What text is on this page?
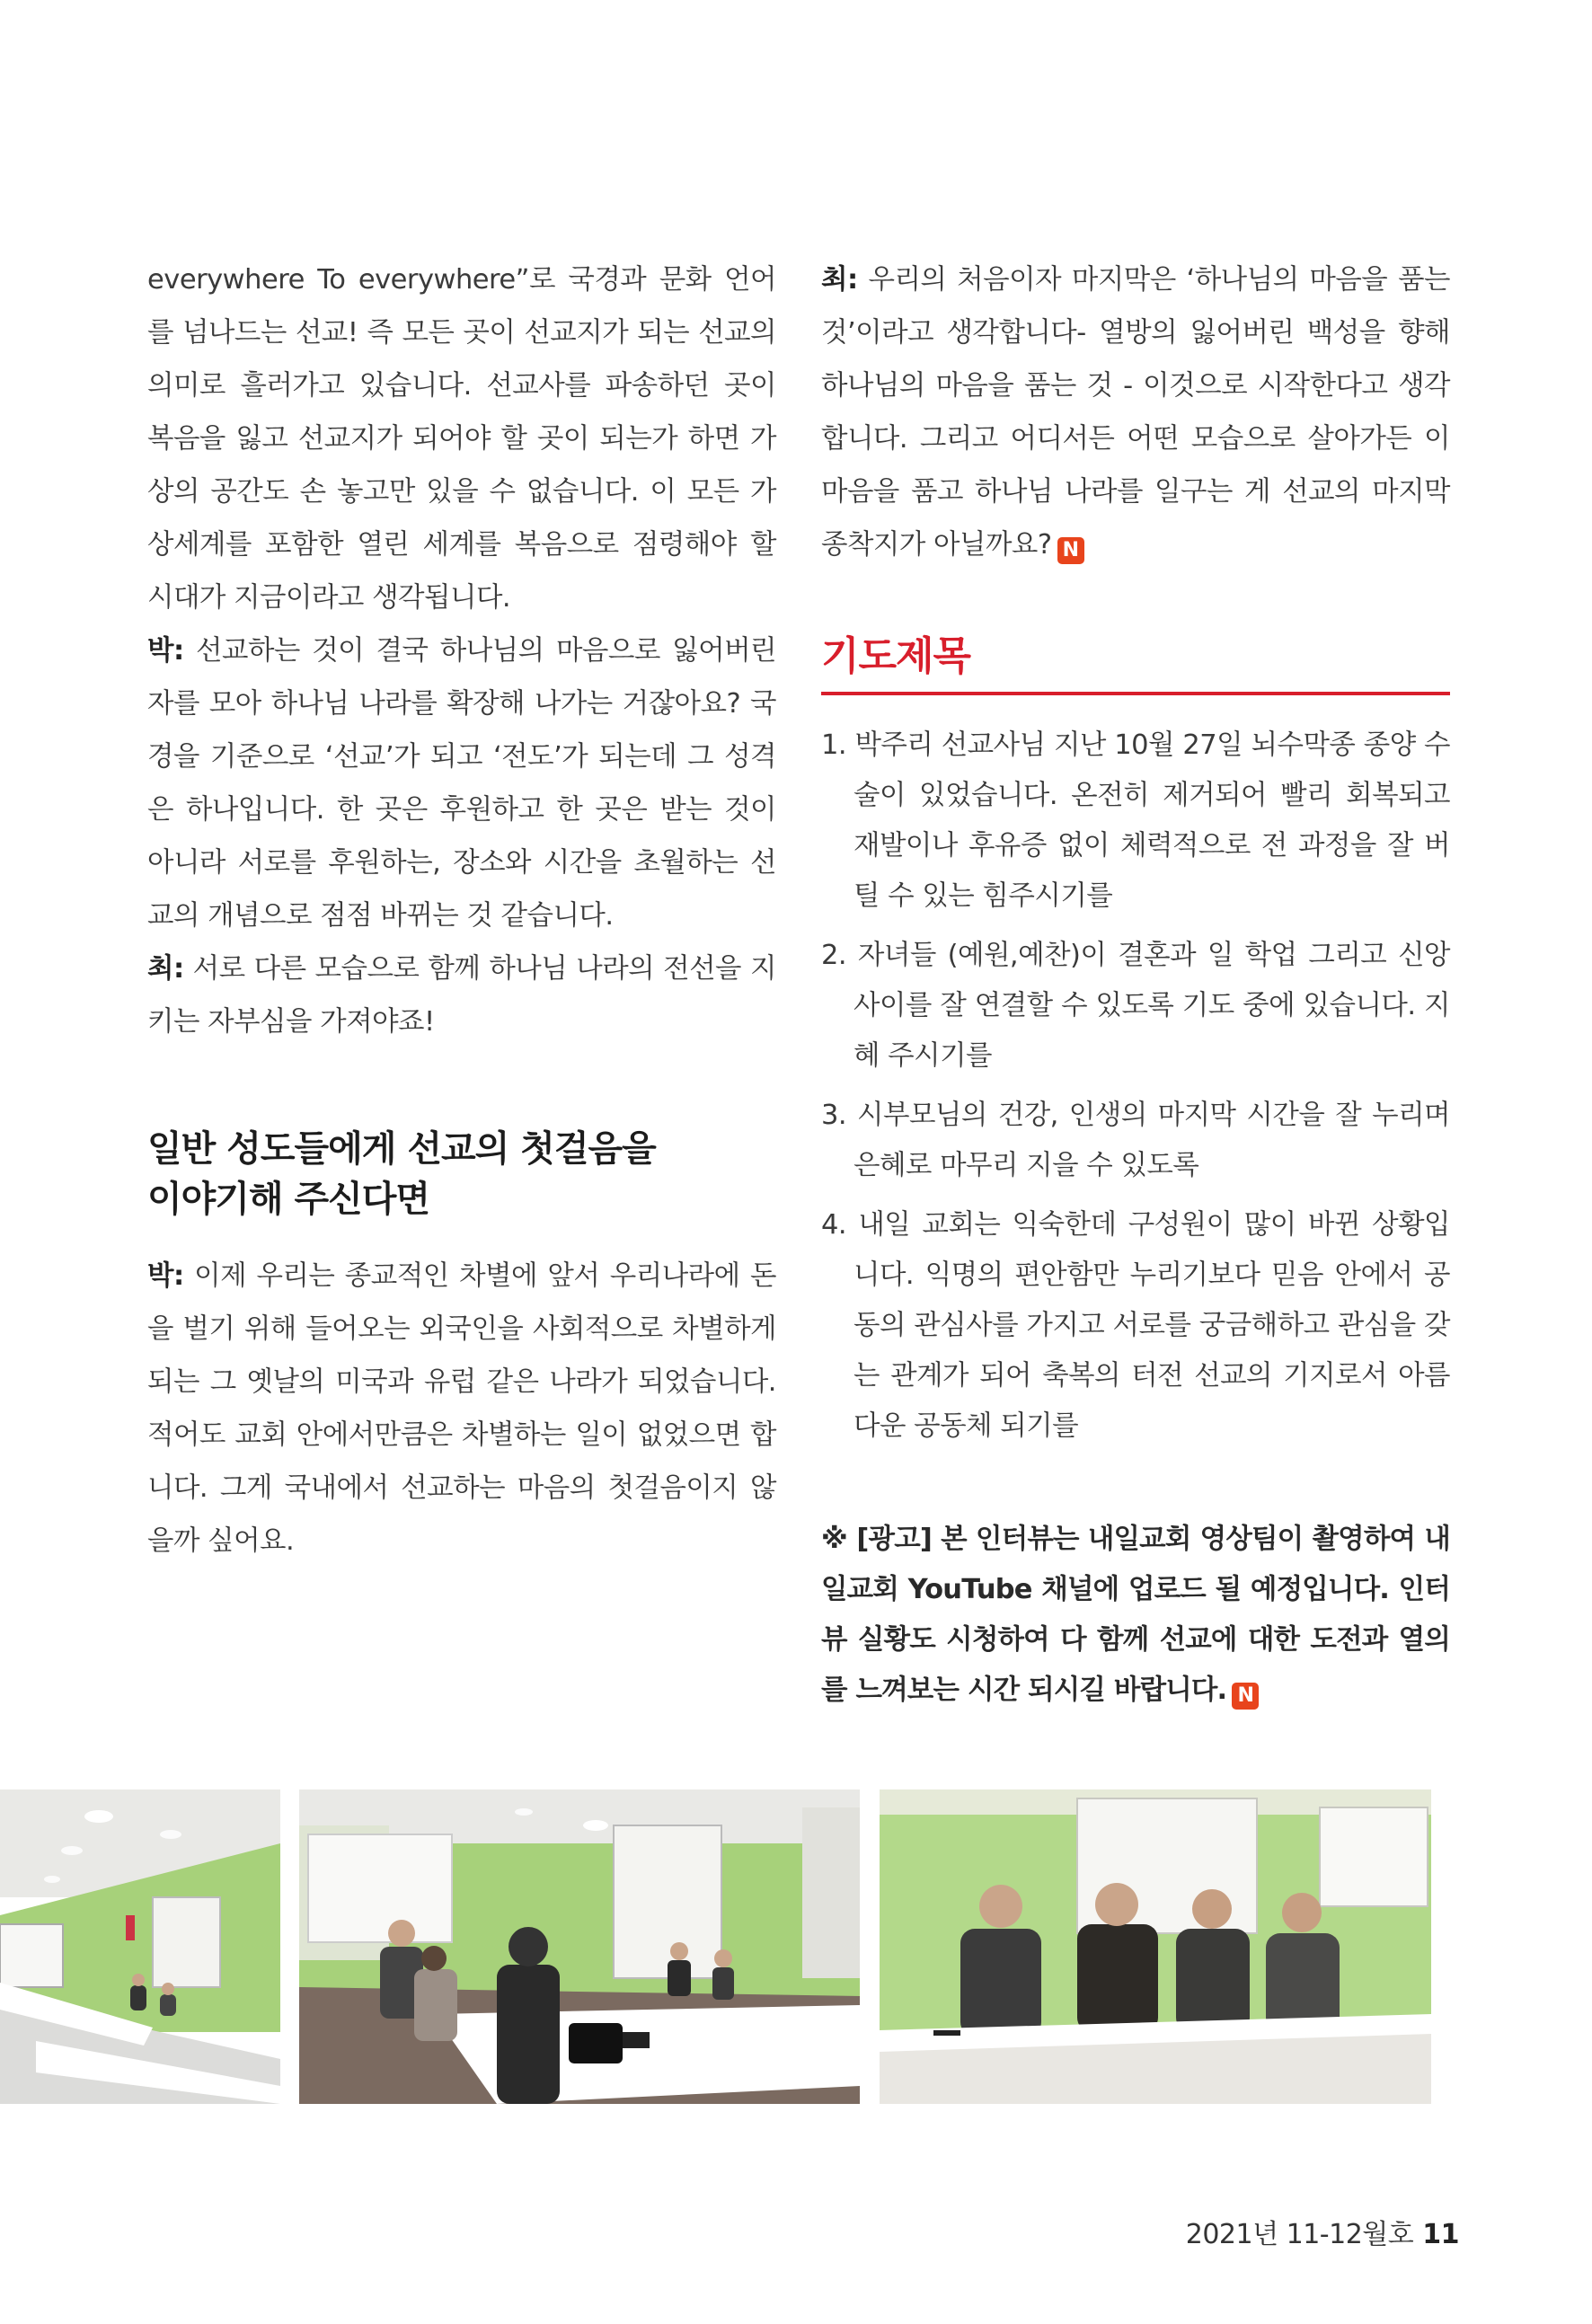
everywhere To everywhere”로 국경과 문화 언어를 넘나드는 선교! 즉 모든 곳이 선교지가 되는 선교의 의미로 흘러가고 있습니다. 선교사를 파송하던 곳이 복음을 잃고 선교지가 되어야 할 곳이 되는가 하면 가상의 공간도 손 놓고만 있을 수 없습니다. 이 모든 가상세계를 포함한 열린 세계를 복음으로 점령해야 할 시대가 지금이라고 생각됩니다.

박: 선교하는 것이 결국 하나님의 마음으로 잃어버린 자를 모아 하나님 나라를 확장해 나가는 거잖아요? 국경을 기준으로 ‘선교’가 되고 ‘전도’가 되는데 그 성격은 하나입니다. 한 곳은 후원하고 한 곳은 받는 것이 아니라 서로를 후원하는, 장소와 시간을 초월하는 선교의 개념으로 점점 바뀌는 것 같습니다.

최: 서로 다른 모습으로 함께 하나님 나라의 전선을 지키는 자부심을 가져야죠!

일반 성도들에게 선교의 첫걸음을
이야기해 주신다면

박: 이제 우리는 종교적인 차별에 앞서 우리나라에 돈을 벌기 위해 들어오는 외국인을 사회적으로 차별하게 되는 그 옛날의 미국과 유럽 같은 나라가 되었습니다. 적어도 교회 안에서만큼은 차별하는 일이 없었으면 합니다. 그게 국내에서 선교하는 마음의 첫걸음이지 않을까 싶어요.

최: 우리의 처음이자 마지막은 ‘하나님의 마음을 품는 것’이라고 생각합니다- 열방의 잃어버린 백성을 향해 하나님의 마음을 품는 것 - 이것으로 시작한다고 생각합니다. 그리고 어디서든 어떤 모습으로 살아가든 이 마음을 품고 하나님 나라를 일구는 게 선교의 마지막 종착지가 아닐까요? N

기도제목
1. 박주리 선교사님 지난 10월 27일 뇌수막종 종양 수술이 있었습니다. 온전히 제거되어 빨리 회복되고 재발이나 후유증 없이 체력적으로 전 과정을 잘 버틸 수 있는 힘주시기를
2. 자녀들 (예원,예찬)이 결혼과 일 학업 그리고 신앙 사이를 잘 연결할 수 있도록 기도 중에 있습니다. 지혜 주시기를
3. 시부모님의 건강, 인생의 마지막 시간을 잘 누리며 은혜로 마무리 지을 수 있도록
4. 내일 교회는 익숙한데 구성원이 많이 바뀐 상황입니다. 익명의 편안함만 누리기보다 믿음 안에서 공동의 관심사를 가지고 서로를 궁금해하고 관심을 갖는 관계가 되어 축복의 터전 선교의 기지로서 아름다운 공동체 되기를

※ [광고] 본 인터뷰는 내일교회 영상팀이 촬영하여 내일교회 YouTube 채널에 업로드 될 예정입니다. 인터뷰 실황도 시청하여 다 함께 선교에 대한 도전과 열의를 느껴보는 시간 되시길 바랍니다. N

2021년 11-12월호 11
